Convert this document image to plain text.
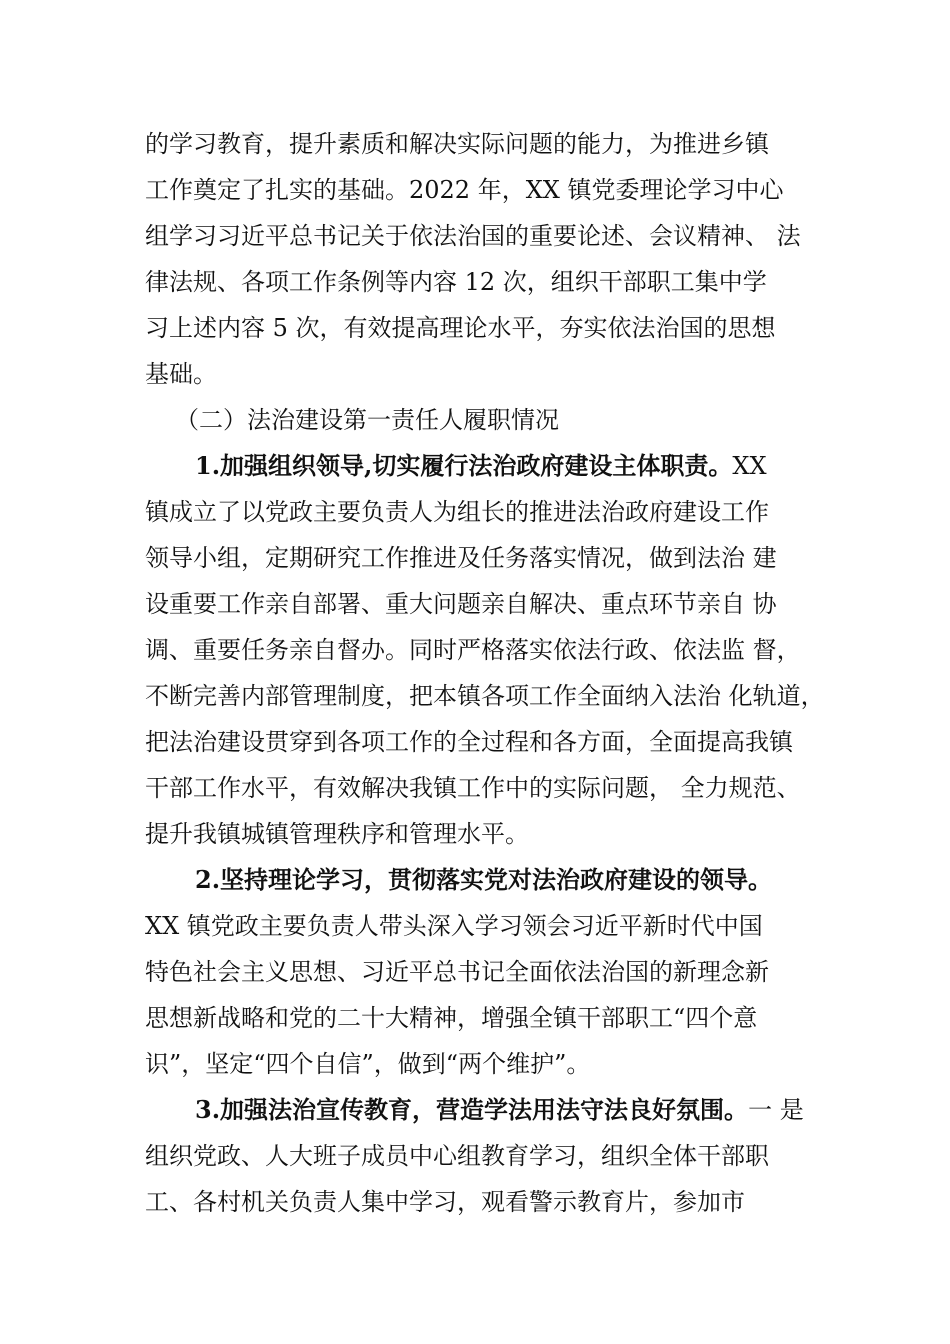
的学习教育，提升素质和解决实际问题的能力，为推进乡镇
工作奠定了扎实的基础。2022 年，XX 镇党委理论学习中心
组学习习近平总书记关于依法治国的重要论述、会议精神、 法
律法规、各项工作条例等内容 12 次，组织干部职工集中学
习上述内容 5 次，有效提高理论水平，夯实依法治国的思想
基础。
（二）法治建设第一责任人履职情况
1.加强组织领导,切实履行法治政府建设主体职责。XX
镇成立了以党政主要负责人为组长的推进法治政府建设工作
领导小组，定期研究工作推进及任务落实情况，做到法治 建
设重要工作亲自部署、重大问题亲自解决、重点环节亲自 协
调、重要任务亲自督办。同时严格落实依法行政、依法监 督，
不断完善内部管理制度，把本镇各项工作全面纳入法治 化轨道，
把法治建设贯穿到各项工作的全过程和各方面，全面提高我镇
干部工作水平，有效解决我镇工作中的实际问题， 全力规范、
提升我镇城镇管理秩序和管理水平。
2.坚持理论学习，贯彻落实党对法治政府建设的领导。
XX 镇党政主要负责人带头深入学习领会习近平新时代中国
特色社会主义思想、习近平总书记全面依法治国的新理念新
思想新战略和党的二十大精神，增强全镇干部职工“四个意
识”，坚定“四个自信”，做到“两个维护”。
3.加强法治宣传教育，营造学法用法守法良好氛围。一 是
组织党政、人大班子成员中心组教育学习，组织全体干部职
工、各村机关负责人集中学习，观看警示教育片，参加市
